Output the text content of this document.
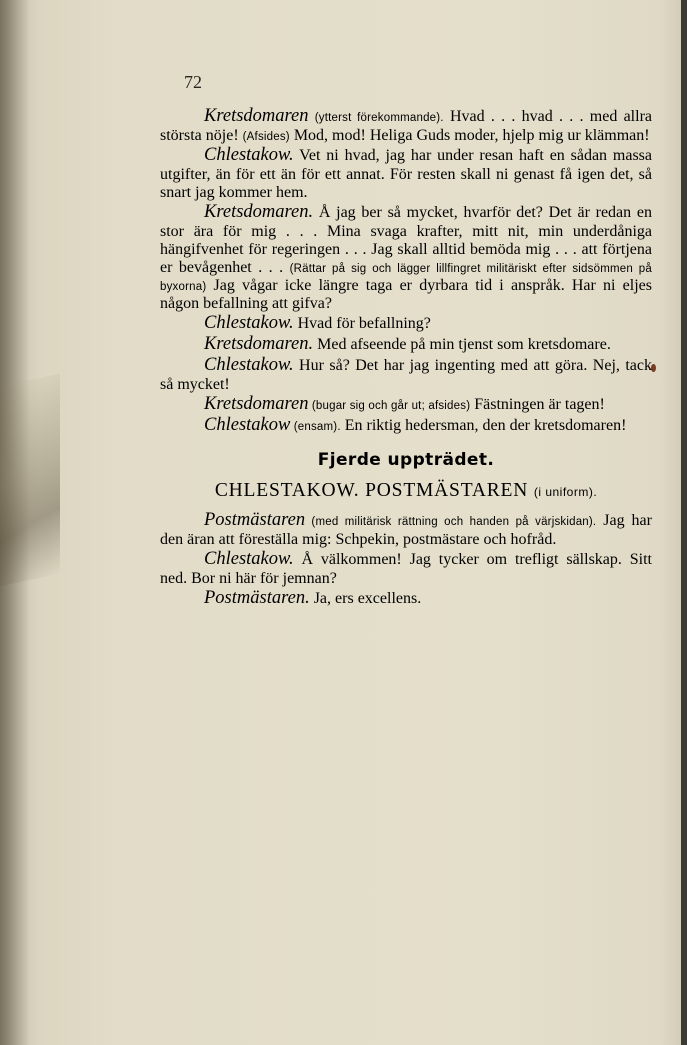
72

Kretsdomaren (ytterst förekommande). Hvad . . . hvad . . . med allra största nöje! (Afsides) Mod, mod! Heliga Guds moder, hjelp mig ur klämman!

Chlestakow. Vet ni hvad, jag har under resan haft en sådan massa utgifter, än för ett än för ett annat. För resten skall ni genast få igen det, så snart jag kommer hem.

Kretsdomaren. Å jag ber så mycket, hvarför det? Det är redan en stor ära för mig . . . Mina svaga krafter, mitt nit, min underdåniga hängifvenhet för regeringen . . . Jag skall alltid bemöda mig . . . att förtjena er bevågenhet . . . (Rättar på sig och lägger lillfingret militäriskt efter sidsömmen på byxorna) Jag vågar icke längre taga er dyrbara tid i anspråk. Har ni eljes någon befallning att gifva?

Chlestakow. Hvad för befallning?

Kretsdomaren. Med afseende på min tjenst som kretsdomare.

Chlestakow. Hur så? Det har jag ingenting med att göra. Nej, tack så mycket!

Kretsdomaren (bugar sig och går ut; afsides) Fästningen är tagen!

Chlestakow (ensam). En riktig hedersman, den der kretsdomaren!

Fjerde uppträdet.
CHLESTAKOW. POSTMÄSTAREN (i uniform).

Postmästaren (med militärisk rättning och handen på värjskidan). Jag har den äran att föreställa mig: Schpekin, postmästare och hofråd.

Chlestakow. Å välkommen! Jag tycker om trefligt sällskap. Sitt ned. Bor ni här för jemnan?

Postmästaren. Ja, ers excellens.
